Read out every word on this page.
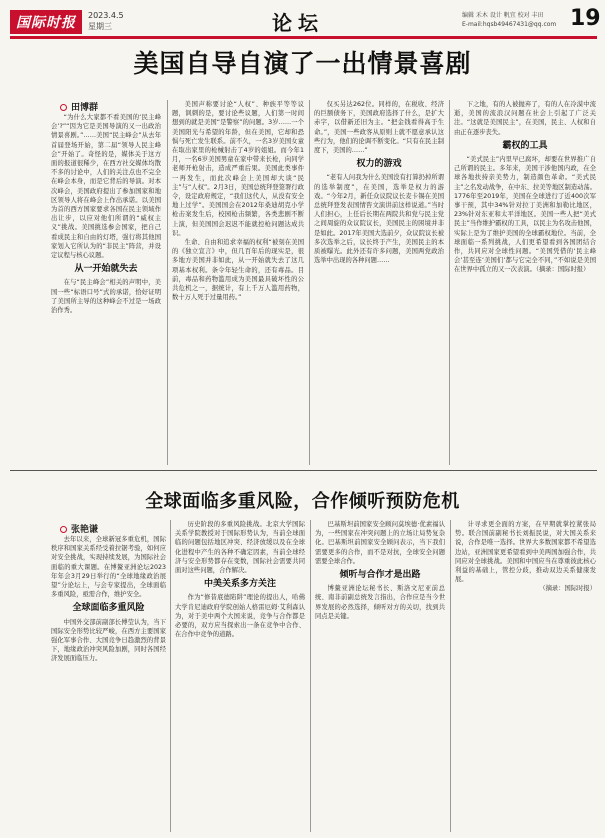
国际时报	2023.4.5
星期三	论坛	编辑 禾木 设计 帆宜 校对 丰田
E-mail:hqsb49467431@qq.com 19
美国自导自演了一出情景喜剧
田博群

“为什么大家都不看美国的‘民主峰会’?”“因为它是美国导演的又一出政治情景喜剧。”……美国“民主峰会”从去年首届登场开始，第二届“领导人民主峰会”开始了。奇怪的是，媒体关于这方面的报道很稀少，在西方社交媒体均散不多的讨论中，人们的关注点也不完全在峰会本身，而是它背后的导演。对本次峰会，美国政府提出了参加国家和地区领导人将在峰会上作出承诺。以美国为首的西方国家要求各国在民主领域作出让步，以应对他们所谓的“威权主义”挑战。美国挑选参会国家，把自己看成民主和自由的灯塔，强行将其他国家划入它所认为的“非民主”阵营，并设定议程与核心议题。

从一开始就失去

在与“民主峰会”相关的声明中，美国一些“标语口号”式的承诺，恰好证明了美国所主导的这种峰会不过是一场政治作秀。

美国声称要讨论“人权”、种族平等等议题，讽刺的是，要讨论些议题，人们第一时间想到的就是美国“是警察”的问题。3岁……一个美国阳光与希望的年龄，但在美国，它却和恐惧与死亡发生联系。前不久，一名3岁美国女童在取出家里的枪械射击了4岁的姐姐。而今年1月，一名6岁美国男童在家中带来长枪，向同学老师开枪射击，造成严重后果。美国此类事件一再发生，而此次峰会上美国却大谈“民主”与“人权”。2月3日，美国总统拜登签署行政令，设定政府规定，“我们这代人，从没有安全地上过学”。美国国会在2012年桑迪胡克小学枪击案发生后，校园枪击频繁，各类悲剧不断上演，但美国国会迟迟不能就控枪问题达成共识。

生命、自由和追求幸福的权利“被刻在美国的《独立宣言》中，但几百年后的现实是，很多地方美国并非如此，从一开始就失去了这几项基本权利。条令年轻生命的，还有毒品。目前，毒品和药物滥用成为美国最具破坏性的公共危机之一，据统计，有上千万人滥用药物，数十万人死于过量用药。”

仅买另达262位。同样的，在税收、经济的巨额债务下，美国政府选择了什么，是扩大赤字，以借新还旧为主。“把金钱看得高于生命。”，美国一些政客从原则上就不愿意承认这些行为，他们的论调不断变化。“只有在民主制度下，美国的……”

权力的游戏

“老有人问我为什么美国没有打算扔掉所谓的选举制度”，在美国，选举是权力的游戏。“今年2月，新任众议院议长麦卡锡在美国总统拜登发表国情咨文演讲前这样说道。”当时人们担心，上任后长期在两院共和党与民主党之间周旋的众议院议长，美国民主的困境并非是如此。2017年美国大选前夕，众议院议长被多次选举之后，议长终于产生，美国民主的本质被曝光。此外还有许多问题，美国两党政治选举中出现的各种问题……

下之地，有的人被抛弃了，有的人在冷漠中流逝，美国的流浪汉问题在社会上引起了广泛关注。“这就是美国民主”，在美国，民主、人权和自由正在逐步丧失。

霸权的工具

“美式民主”内里早已腐坏，却要在世界推广自己所谓的民主。多年来，美国干涉他国内政，在全球各地扶持亲美势力，制造颜色革命。“美式民主”之名发动战争，在中东、拉美等地区制造动荡。1776年至2019年，美国在全球进行了近400次军事干预，其中34%针对拉丁美洲和加勒比地区，23%针对东亚和太平洋地区。美国一些人把“美式民主”当作维护霸权的工具，以民主为名攻击他国，实际上是为了维护美国的全球霸权地位。当前，全球面临一系列挑战，人们更希望看到各国团结合作，共同应对全球性问题。“美国凭借的‘民主峰会’甚至连‘美国们’都与它完全不同，”不如说是美国在世界中孤立的又一次表演。（摘录：国际时报）

全球面临多重风险，合作倾听预防危机
张艳谦

去年以来，全球新冠多重危机，国际秩序和国家关系经受着拉锯考验，如何应对安全挑战，实现持续发展，为国际社会面临的重大课题。在博鳌亚洲论坛2023年年会3月29日举行的“全球地缘政治展望”分论坛上，与会专家提出，全球面临多重风险，亟需合作，维护安全。

全球面临多重风险

中国外交部前副部长傅莹认为，当下国际安全形势比较严峻，在西方主要国家强化军事合作、大国竞争日趋激烈的背景下，地缘政治冲突风险加剧，同时各国经济发展面临压力。

历史阶段的多重风险挑战。北京大学国际关系学院教授对于国际形势认为，当前全球面临的问题包括地区冲突、经济放缓以及在全球化进程中产生的各种不确定因素，当前全球经济与安全形势都存在变数，国际社会需要共同面对这些问题，合作解决。

中美关系多方关注

作为“修昔底德陷阱”理论的提出人，哈佛大学肯尼迪政府学院创始人格雷厄姆·艾利森认为，对于美中两个大国来说，竞争与合作都是必要的，双方应当探索出一条在竞争中合作、在合作中竞争的道路。

巴基斯坦前国家安全顾问莫埃德·优素福认为，一些国家在冲突问题上的立场让局势复杂化。巴基斯坦前国家安全顾问表示，当下我们需要更多的合作，而不是对抗，全球安全问题需要全球合作。

倾听与合作才是出路

博鳌亚洲论坛秘书长、斯洛文尼亚前总统、南非前副总统发言指出，合作应是当今世界发展的必然选择，倾听对方的关切，找到共同点是关键。

计寻求更全面的方案，在早期就掌控紧张局势。联合国前副秘书长刘振民说，对大国关系来说，合作是唯一选择。世界大多数国家都不希望选边站，亚洲国家更希望看到中美两国加强合作，共同应对全球挑战。美国和中国应当在尊重彼此核心利益的基础上，管控分歧，推动双边关系健康发展。

（摘录：国际时报）
